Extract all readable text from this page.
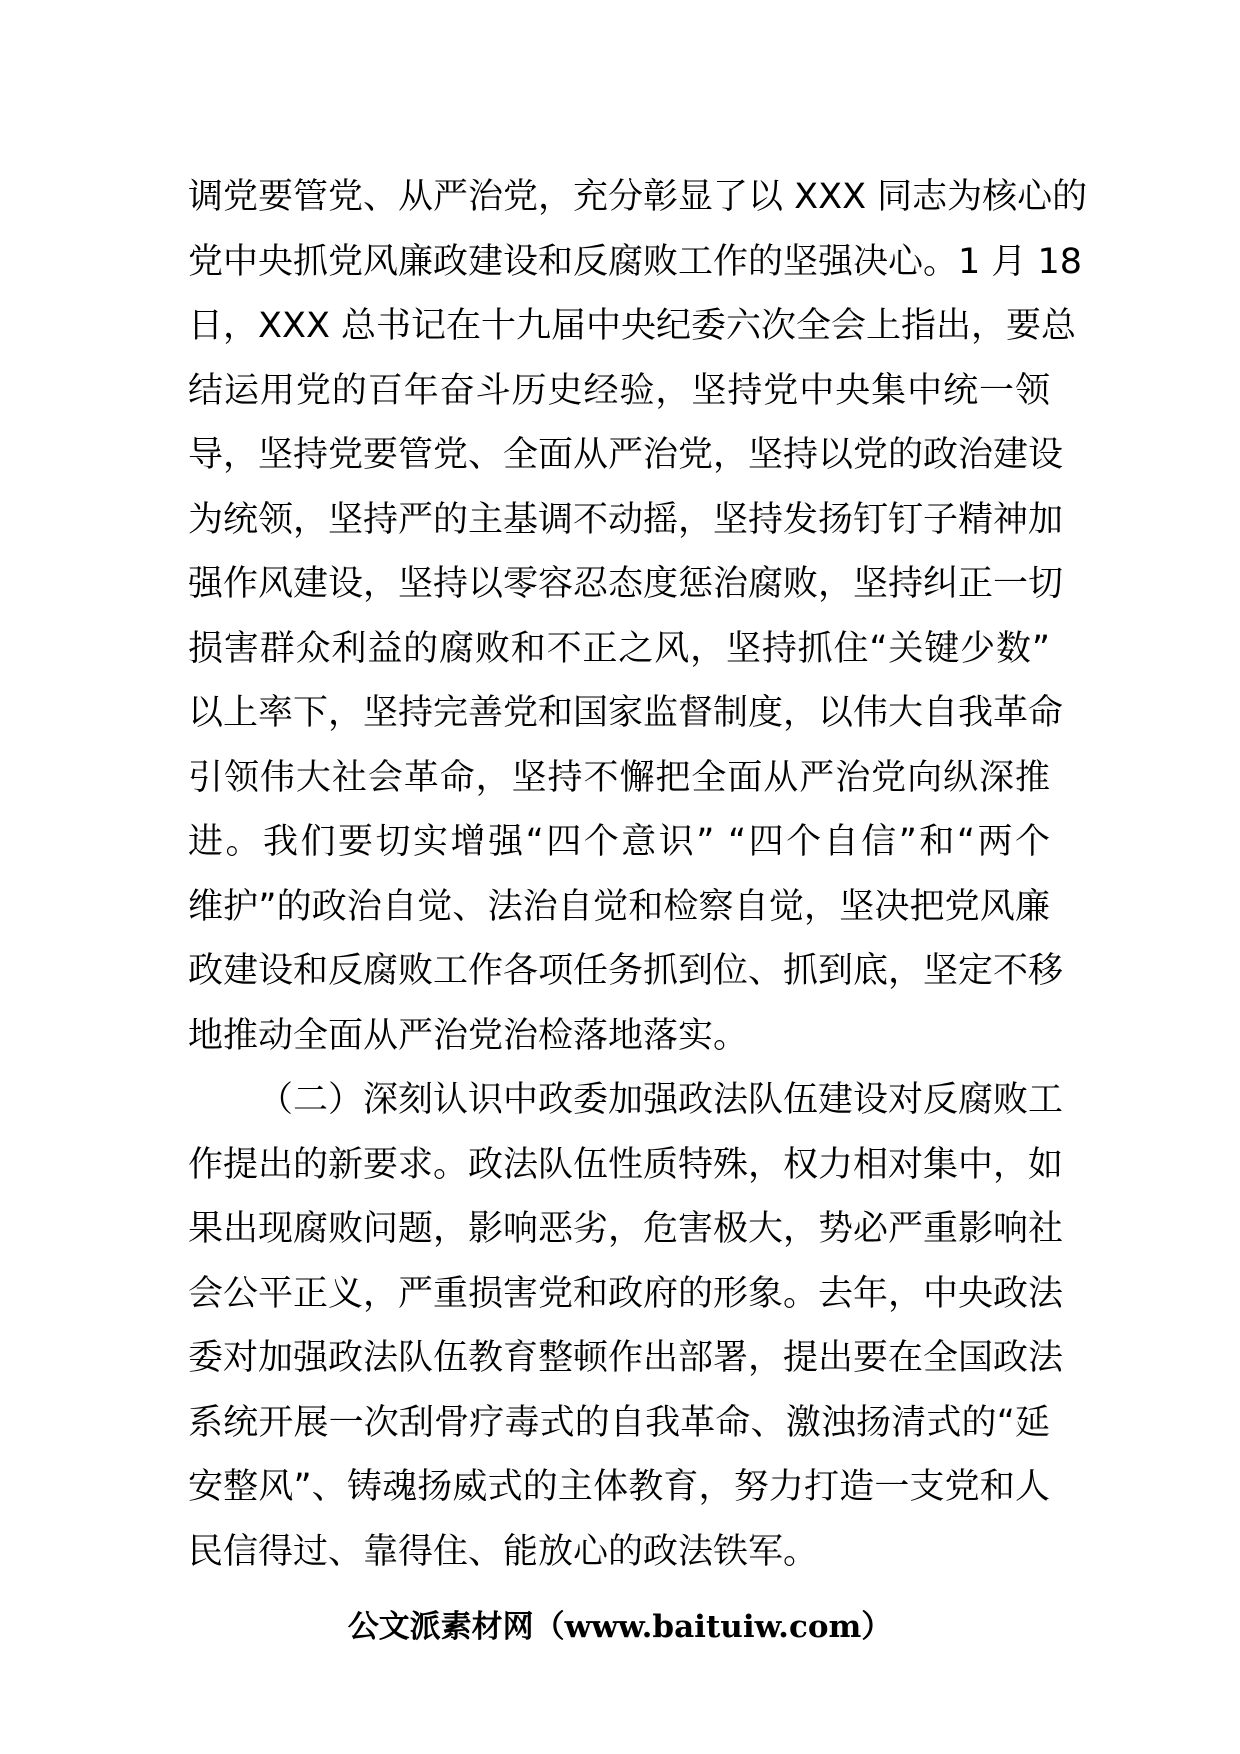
调党要管党、从严治党，充分彰显了以 XXX 同志为核心的
党中央抓党风廉政建设和反腐败工作的坚强决心。1 月 18
日，XXX 总书记在十九届中央纪委六次全会上指出，要总
结运用党的百年奋斗历史经验，坚持党中央集中统一领
导，坚持党要管党、全面从严治党，坚持以党的政治建设
为统领，坚持严的主基调不动摇，坚持发扬钉钉子精神加
强作风建设，坚持以零容忍态度惩治腐败，坚持纠正一切
损害群众利益的腐败和不正之风，坚持抓住“关键少数”
以上率下，坚持完善党和国家监督制度，以伟大自我革命
引领伟大社会革命，坚持不懈把全面从严治党向纵深推
进。我们要切实增强“四个意识” “四个自信”和“两个
维护”的政治自觉、法治自觉和检察自觉，坚决把党风廉
政建设和反腐败工作各项任务抓到位、抓到底，坚定不移
地推动全面从严治党治检落地落实。
（二）深刻认识中政委加强政法队伍建设对反腐败工
作提出的新要求。政法队伍性质特殊，权力相对集中，如
果出现腐败问题，影响恶劣，危害极大，势必严重影响社
会公平正义，严重损害党和政府的形象。去年，中央政法
委对加强政法队伍教育整顿作出部署，提出要在全国政法
系统开展一次刮骨疗毒式的自我革命、激浊扬清式的“延
安整风”、铸魂扬威式的主体教育，努力打造一支党和人
民信得过、靠得住、能放心的政法铁军。
公文派素材网（www.baituiw.com）
